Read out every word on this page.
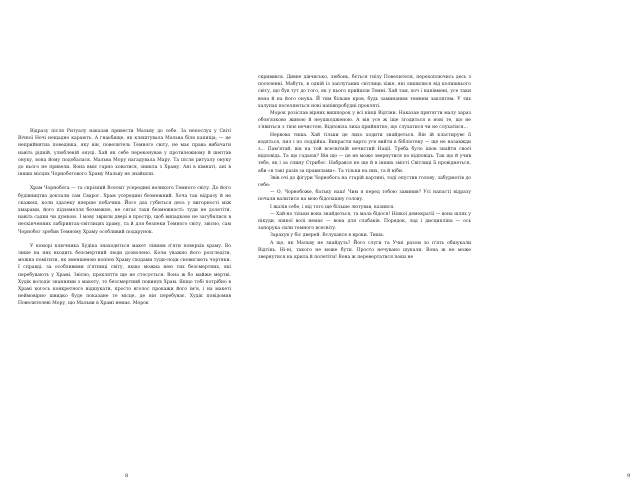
Відразу після Ритуалу наказав привести Мальву до себе. За непослух у Світі Вічної Ночі нещадно карають. А гнаьбище, як кляштувала Мальва біля капища, — це неприйнятна поведінка, яку він, повелитель Темного світу, не має права вибачати навіть рідній, улюбленій онуці. Хай як себе переконував у протилежному й шептав онуку, вона йому подобалася. Мальва Мору нагадувала Мару. Та після ритуалу онуку до нього не привели. Вона вміє гарно ховатися, зникла з Храму. Ані в кімнаті, ані в інших місцях Чорнобогового Храму Мальву не знайшли.

Храм Чорнобога — та скрізний Всесвіт усередині великого Темного світу. До його будівництва доклали сам Сварог. Храм усередині безмежний. Хоча так відразу й не скажеш, коли здалеку вперше побачиш. Його дах губиться десь у вигорності між хмарами, його підземелля безмежне, не сягає тахи безмежності: туди не долетіти, навіть садки чи думкою. І мову зврили двері в простір, щоб випадково не загубилися в нескінченних лабіринтах-світлицях храму, та й для безпеки Темного світу, звісно, сам Чорнобог зробив Темному Храму особливий подарунок.

У коморі ключника Худіка знаходиться макет ліниям п'яти поверхів храму. Во лише на них входить безсмертний люди дозволено. Коли уважно його розгледіти, можна помітити, як зменшеною копією Храму сходами туди-сюди сновигають чортяки. І справді, за особливими п'ятниці світу, якщо можна нею тих безсмертних, які перебувають у Храмі. Звісно, прокляття ще не стосується. Вона ж бо майже мертві. Худік володіє знаннями з макету, то безсмертний покинув Храм. Якщо тобі потрібно в Храмі когось конкретного відшукати, просто вголос прокажи його ім'я, і на макеті неймовірно швидко буде показане те місце, де він перебуває. Худік повідомив Повелителеві Мору, що Мальви в Храмі немає. Морок

8	9

скривився. Дивне дівчисько, любонь, бється гнізу Повелителя, перехоплючись десь з поселенні. Мабуть, в одній із заплутаних світлиць хіже, які лишилися від колишнього світу, що був тут до того, як у нього прийшли Темні. Хай там, хоч і напівмені, усе таки вона й на його онука. Й тим більше кров, будь заминаним темним заклятям. У тих халупах поселяються нові напівпробудні прокляті.

Морок розіслав вірних вишпорок у всі кінці Відтіни. Наказав притягти малу зараз обов'язково живою й неушкодженою. А він усе ж іще згодиться в нові те, що не з'явиться з тією нечистою. Відповіла лиха прийнятно, що слухатися чи не слухатися...

Нервова тиша. Хай тільки це лихо ходити знайдеться. Він ій кластирувє її вздяться, пил і по лоддійка. Викрасти варто усе вийти в бібліотеку — ще не назавжди з... Пам'ятай, він на той всесвітній нечистий Нації. Треба було ішов знайти своєї відповідь. Та що гадаєш? Він що — це не може звернутися по відповідь. Так що й учив тебе, як і за спину Стрибог. Набрався не ще й в інших змісті Світлиці її провіднеться, аби «в такі разів за правилами». Та тільки на них, та й ніби.

Звів очі до фігури Чорнобога на старій картині, тоді опустив голову, забурмотів до себе:

— О, Чорнобоже, батьку наш! Чим я перед тобою завинив? Усі напасті відразу почали валитися на мою бідолашну голову.

І жалів себе, і від того ще більше лютував, казився.

— Хай-но тільки вона знайдеться, та мала бідося! Ніякої демократії — вона шлях у нікуди, ніякої волі немає — вона для слабаків. Порядок, лад і дисципліна — ось запорука сили темного всесвіту.

Зарахув у біс дверей. Вслухався в кроки. Тиша.

А що, як Мальву не знайдуть? Його слуги та Учні разом зо п'ять обшукали Відтінь. Ні-ні, такого не може бути. Просто нечувано шукали. Вона ж не може звернутися на крила й полетіти! Вона ж перевертатися поки не
